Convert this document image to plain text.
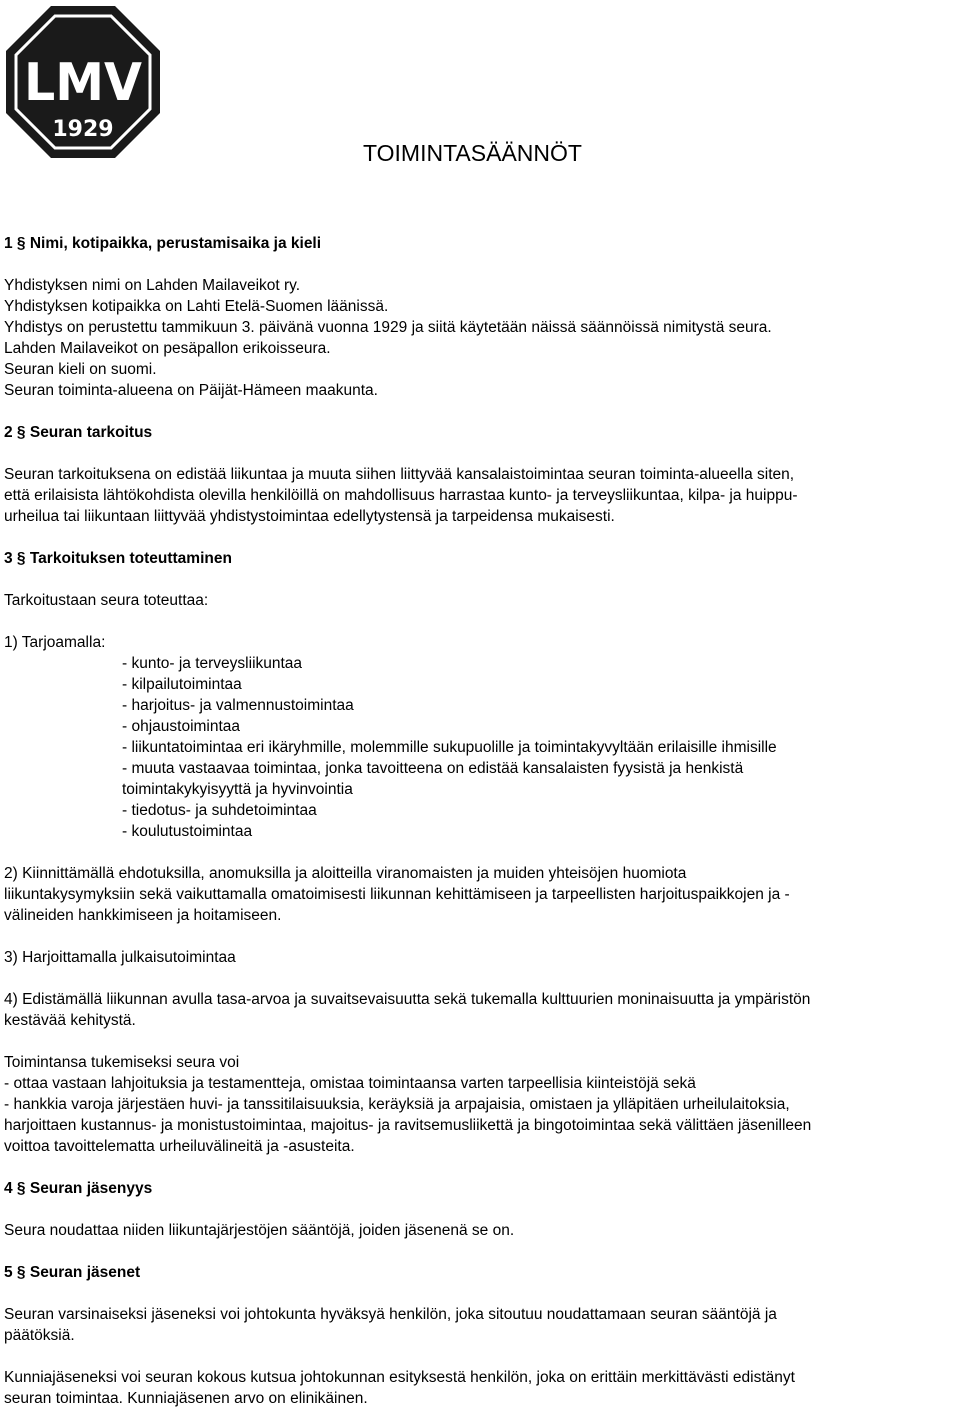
LMV
1929
TOIMINTASÄÄNNÖT

1 § Nimi, kotipaikka, perustamisaika ja kieli

Yhdistyksen nimi on Lahden Mailaveikot ry.
Yhdistyksen kotipaikka on Lahti Etelä-Suomen läänissä.
Yhdistys on perustettu tammikuun 3. päivänä vuonna 1929 ja siitä käytetään näissä säännöissä nimitystä seura.
Lahden Mailaveikot on pesäpallon erikoisseura.
Seuran kieli on suomi.
Seuran toiminta-alueena on Päijät-Hämeen maakunta.

2 § Seuran tarkoitus

Seuran tarkoituksena on edistää liikuntaa ja muuta siihen liittyvää kansalaistoimintaa seuran toiminta-alueella siten,
että erilaisista lähtökohdista olevilla henkilöillä on mahdollisuus harrastaa kunto- ja terveysliikuntaa, kilpa- ja huippu-
urheilua tai liikuntaan liittyvää yhdistystoimintaa edellytystensä ja tarpeidensa mukaisesti.

3 § Tarkoituksen toteuttaminen

Tarkoitustaan seura toteuttaa:
1) Tarjoamalla:
- kunto- ja terveysliikuntaa
- kilpailutoimintaa
- harjoitus- ja valmennustoimintaa
- ohjaustoimintaa
- liikuntatoimintaa eri ikäryhmille, molemmille sukupuolille ja toimintakyvyltään erilaisille ihmisille
- muuta vastaavaa toimintaa, jonka tavoitteena on edistää kansalaisten fyysistä ja henkistä
toimintakykyisyyttä ja hyvinvointia
- tiedotus- ja suhdetoimintaa
- koulutustoimintaa
2) Kiinnittämällä ehdotuksilla, anomuksilla ja aloitteilla viranomaisten ja muiden yhteisöjen huomiota
liikuntakysymyksiin sekä vaikuttamalla omatoimisesti liikunnan kehittämiseen ja tarpeellisten harjoituspaikkojen ja -
välineiden hankkimiseen ja hoitamiseen.
3) Harjoittamalla julkaisutoimintaa
4) Edistämällä liikunnan avulla tasa-arvoa ja suvaitsevaisuutta sekä tukemalla kulttuurien moninaisuutta ja ympäristön
kestävää kehitystä.
Toimintansa tukemiseksi seura voi
- ottaa vastaan lahjoituksia ja testamentteja, omistaa toimintaansa varten tarpeellisia kiinteistöjä sekä
- hankkia varoja järjestäen huvi- ja tanssitilaisuuksia, keräyksiä ja arpajaisia, omistaen ja ylläpitäen urheilulaitoksia,
harjoittaen kustannus- ja monistustoimintaa, majoitus- ja ravitsemusliikettä ja bingotoimintaa sekä välittäen jäsenilleen
voittoa tavoittelematta urheiluvälineitä ja -asusteita.

4 § Seuran jäsenyys

Seura noudattaa niiden liikuntajärjestöjen sääntöjä, joiden jäsenenä se on.

5 § Seuran jäsenet

Seuran varsinaiseksi jäseneksi voi johtokunta hyväksyä henkilön, joka sitoutuu noudattamaan seuran sääntöjä ja
päätöksiä.
Kunniajäseneksi voi seuran kokous kutsua johtokunnan esityksestä henkilön, joka on erittäin merkittävästi edistänyt
seuran toimintaa. Kunniajäsenen arvo on elinikäinen.
